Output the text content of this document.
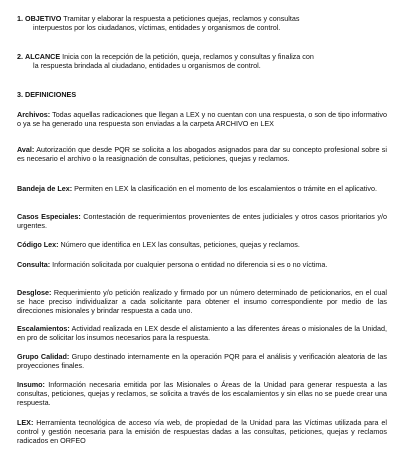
1. OBJETIVO Tramitar y elaborar la respuesta a peticiones quejas, reclamos y consultas

interpuestos por los ciudadanos, víctimas, entidades y organismos de control.

2. ALCANCE Inicia con la recepción de la petición, queja, reclamos y consultas y finaliza con

la respuesta brindada al ciudadano, entidades u organismos de control.

3. DEFINICIONES

Archivos: Todas aquellas radicaciones que llegan a LEX y no cuentan con una respuesta, o son de tipo informativo o ya se ha generado una respuesta son enviadas a la carpeta ARCHIVO en LEX

Aval: Autorización que desde PQR se solicita a los abogados asignados para dar su concepto profesional sobre si es necesario el archivo o la reasignación de consultas, peticiones, quejas y reclamos.

Bandeja de Lex: Permiten en LEX la clasificación en el momento de los escalamientos o trámite en el aplicativo.

Casos Especiales: Contestación de requerimientos provenientes de entes judiciales y otros casos prioritarios y/o urgentes.

Código Lex: Número que identifica en LEX las consultas, peticiones, quejas y reclamos.

Consulta: Información solicitada por cualquier persona o entidad no diferencia si es o no víctima.

Desglose: Requerimiento y/o petición realizado y firmado por un número determinado de peticionarios, en el cual se hace preciso individualizar a cada solicitante para obtener el insumo correspondiente por medio de las direcciones misionales y brindar respuesta a cada uno.

Escalamientos: Actividad realizada en LEX desde el alistamiento a las diferentes áreas o misionales de la Unidad, en pro de solicitar los insumos necesarios para la respuesta.

Grupo Calidad: Grupo destinado internamente en la operación PQR para el análisis y verificación aleatoria de las proyecciones finales.

Insumo: Información necesaria emitida por las Misionales o Áreas de la Unidad para generar respuesta a las consultas, peticiones, quejas y reclamos, se solicita a través de los escalamientos y sin ellas no se puede crear una respuesta.

LEX: Herramienta tecnológica de acceso vía web, de propiedad de la Unidad para las Víctimas utilizada para el control y gestión necesaria para la emisión de respuestas dadas a las consultas, peticiones, quejas y reclamos radicados en ORFEO
